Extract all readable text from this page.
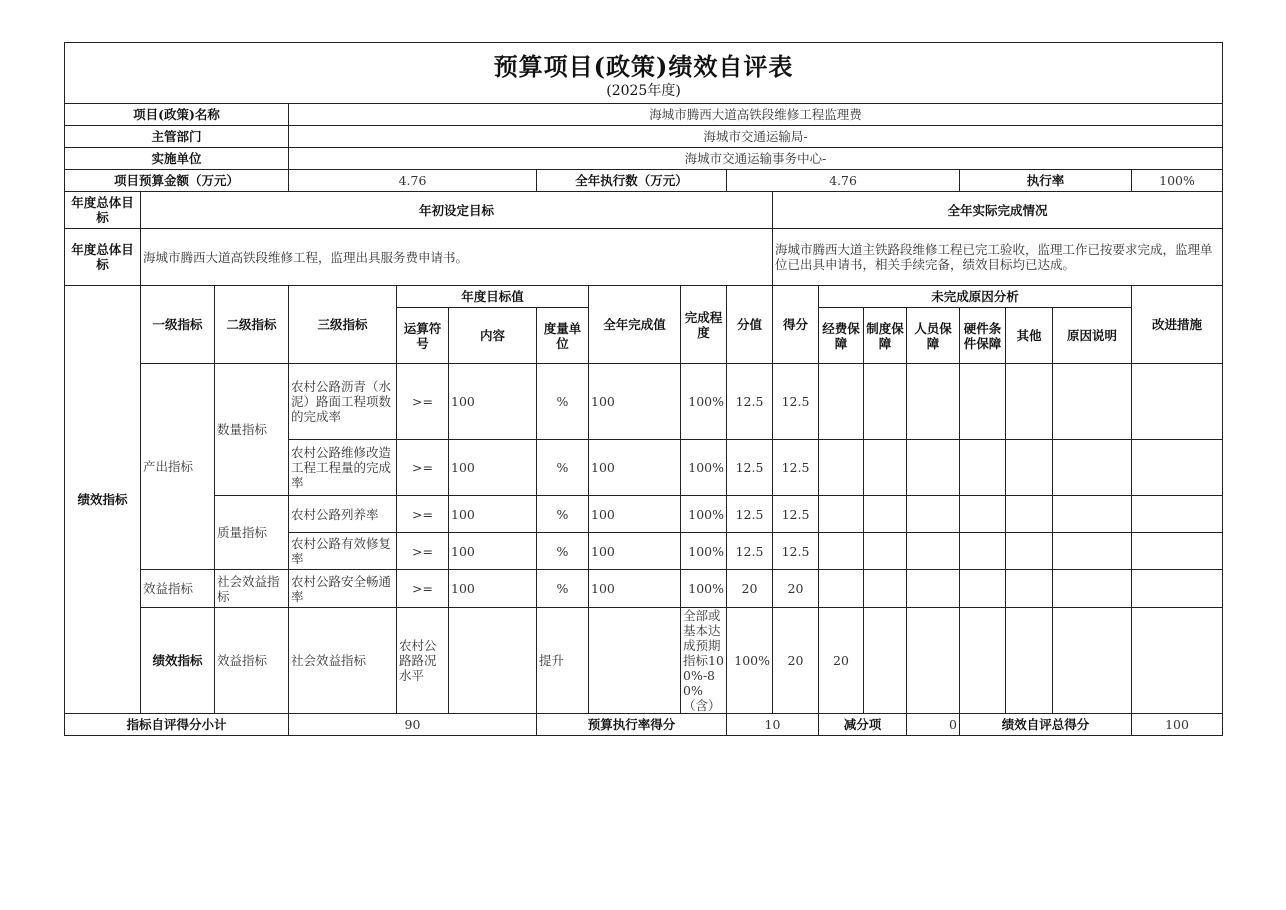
预算项目(政策)绩效自评表
(2025年度)																		

项目(政策)名称			海城市腾西大道高铁段维修工程监理费															
主管部门			海城市交通运输局-															
实施单位			海城市交通运输事务中心-															
项目预算金额（万元）			4.76			全年执行数（万元）			4.76					执行率			100%	
年度总体目标	年初设定目标									全年实际完成情况								
年度总体目标	海城市腾西大道高铁段维修工程，监理出具服务费申请书。									海城市腾西大道主铁路段维修工程已完工验收，监理工作已按要求完成，监理单位已出具申请书，相关手续完备，绩效目标均已达成。								
绩效指标	一级指标	二级指标	三级指标	年度目标值			全年完成值	完成程度	分值	得分	未完成原因分析						改进措施	
				运算符号	内容	度量单位					经费保障	制度保障	人员保障	硬件条件保障	其他	原因说明		
	产出指标	数量指标	农村公路沥青（水泥）路面工程项数的完成率	>=	100	%	100	100%	12.5	12.5								
			农村公路维修改造工程工程量的完成率	>=	100	%	100	100%	12.5	12.5								
		质量指标	农村公路列养率	>=	100	%	100	100%	12.5	12.5								
			农村公路有效修复率	>=	100	%	100	100%	12.5	12.5								
	效益指标	社会效益指标	农村公路安全畅通率	>=	100	%	100	100%	20	20								
	绩效指标	效益指标	社会效益指标	农村公路路况水平		提升		全部或基本达成预期指标100%-80%（含）	100%	20	20							
指标自评得分小计			90			预算执行率得分			10		减分项		0	绩效自评总得分			100	
